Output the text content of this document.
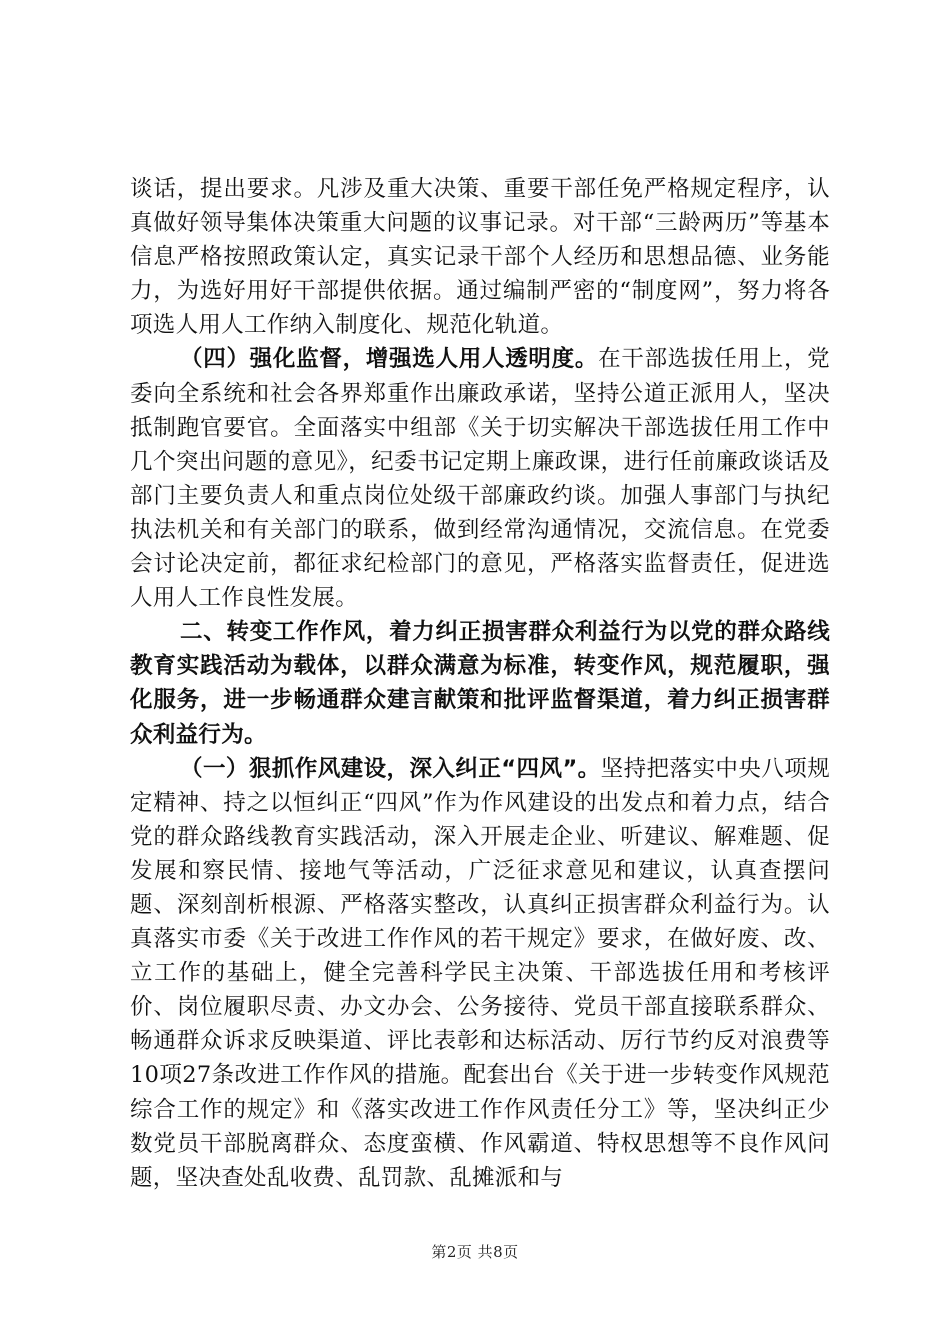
谈话，提出要求。凡涉及重大决策、重要干部任免严格规定程序，认真做好领导集体决策重大问题的议事记录。对干部“三龄两历”等基本信息严格按照政策认定，真实记录干部个人经历和思想品德、业务能力，为选好用好干部提供依据。通过编制严密的“制度网”，努力将各项选人用人工作纳入制度化、规范化轨道。

（四）强化监督，增强选人用人透明度。在干部选拔任用上，党委向全系统和社会各界郑重作出廉政承诺，坚持公道正派用人，坚决抵制跑官要官。全面落实中组部《关于切实解决干部选拔任用工作中几个突出问题的意见》，纪委书记定期上廉政课，进行任前廉政谈话及部门主要负责人和重点岗位处级干部廉政约谈。加强人事部门与执纪执法机关和有关部门的联系，做到经常沟通情况，交流信息。在党委会讨论决定前，都征求纪检部门的意见，严格落实监督责任，促进选人用人工作良性发展。

二、转变工作作风，着力纠正损害群众利益行为以党的群众路线教育实践活动为载体，以群众满意为标准，转变作风，规范履职，强化服务，进一步畅通群众建言献策和批评监督渠道，着力纠正损害群众利益行为。

（一）狠抓作风建设，深入纠正“四风”。坚持把落实中央八项规定精神、持之以恒纠正“四风”作为作风建设的出发点和着力点，结合党的群众路线教育实践活动，深入开展走企业、听建议、解难题、促发展和察民情、接地气等活动，广泛征求意见和建议，认真查摆问题、深刻剖析根源、严格落实整改，认真纠正损害群众利益行为。认真落实市委《关于改进工作作风的若干规定》要求，在做好废、改、立工作的基础上，健全完善科学民主决策、干部选拔任用和考核评价、岗位履职尽责、办文办会、公务接待、党员干部直接联系群众、畅通群众诉求反映渠道、评比表彰和达标活动、厉行节约反对浪费等10项27条改进工作作风的措施。配套出台《关于进一步转变作风规范综合工作的规定》和《落实改进工作作风责任分工》等，坚决纠正少数党员干部脱离群众、态度蛮横、作风霸道、特权思想等不良作风问题，坚决查处乱收费、乱罚款、乱摊派和与

第2页 共8页
